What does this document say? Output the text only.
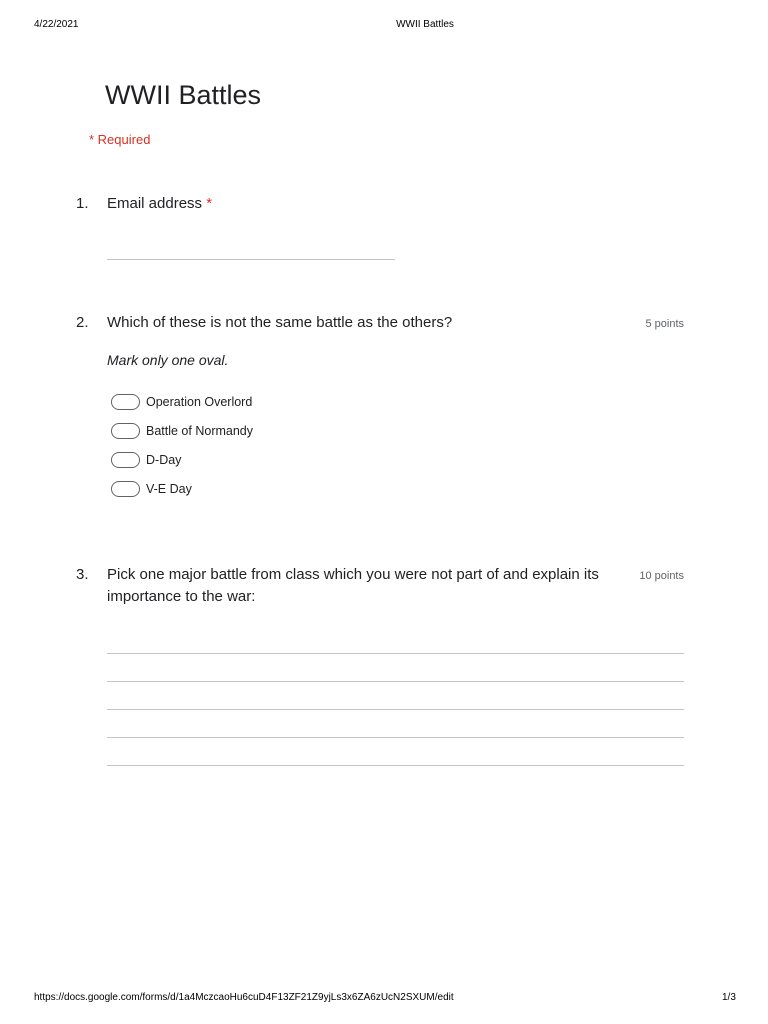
4/22/2021	WWII Battles
WWII Battles
* Required
1. Email address *
2. Which of these is not the same battle as the others?	5 points
Mark only one oval.
Operation Overlord
Battle of Normandy
D-Day
V-E Day
3. Pick one major battle from class which you were not part of and explain its
importance to the war:
10 points
https://docs.google.com/forms/d/1a4MczcaoHu6cuD4F13ZF21Z9yjLs3x6ZA6zUcN2SXUM/edit	1/3
